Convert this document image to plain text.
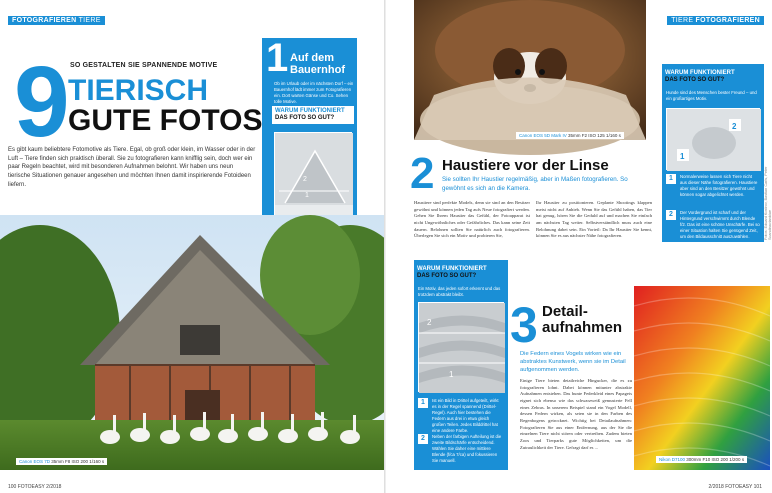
FOTOGRAFIEREN TIERE
9 SO GESTALTEN SIE SPANNENDE MOTIVE
TIERISCH
GUTE FOTOS
Es gibt kaum beliebtere Fotomotive als Tiere. Egal, ob groß oder klein, im Wasser oder in der Luft – Tiere finden sich praktisch überall. Sie zu fotografieren kann knifflig sein, doch wer ein paar Regeln beachtet, wird mit besonderen Aufnahmen belohnt. Wir haben uns neun tierische Situationen genauer angesehen und möchten Ihnen damit inspirierende Fotoideen liefern.
1 Auf dem
Bauernhof
Ob im Urlaub oder im nächsten Dorf – ein Bauernhof lädt immer zum Fotografieren ein. Dort warten Gänse und Co. Sehen tolle Motive.
WARUM FUNKTIONIERT
DAS FOTO SO GUT?
2
1
Canon EOS 7D 35mm F8 ISO 200 1/160 s
100 FOTOEASY 2/2018
TIERE FOTOGRAFIEREN
Canon EOS 5D Mark IV 35mm F2 ISO 125 1/160 s
WARUM FUNKTIONIERT
DAS FOTO SO GUT?
Hunde sind des Menschen bester Freund – und ein großartiges Motiv.
1
2
1	Normalerweise lassen sich Tiere nicht aus dieser Nähe fotografieren. Haustiere aber sind an den Besitzer gewöhnt und können sogar abgelichtet werden.
2	Der Vordergrund ist scharf und der Hintergrund verschwimmt durch Blende f/2. Das ist eine schöne Unschärfe. Bei so einer Situation halten Sie genügend Zeit, um den Bildausschnitt auszuwählen.	Fotos: Eduard Kostrov, Bastian Carls, Peter Scandinavianblue
2 Haustiere vor der Linse
Sie sollten Ihr Haustier regelmäßig, aber in Maßen fotografieren. So gewöhnt es sich an die Kamera.
Haustiere sind perfekte Models, denn sie sind an den Besitzer gewöhnt und können jeden Tag aufs Neue fotografiert werden. Gehen Sie Ihrem Haustier das Gefühl, der Fotoapparat ist nicht Ungewöhnliches oder Gefährliches. Das kann seine Zeit dauern. Belohnen sollten Sie natürlich auch fotografieren. Überlegen Sie sich ein Motiv und probieren Sie,
Ihr Haustier zu positionieren. Geplante Shootings klappen meist nicht auf Anhieb. Wenn Sie das Gefühl haben, das Tier hat genug, hören Sie die Geduld auf und machen Sie einfach am nächsten Tag weiter. Selbstverständlich muss auch eine Belohnung dabei sein. Ein Vorteil: Da Ihr Haustier Sie kennt, können Sie es aus nächster Nähe fotografieren.
WARUM FUNKTIONIERT
DAS FOTO SO GUT?
Ein Motiv, das jeden sofort erkennt und das trotzdem abstrakt bleibt.
2
1
1	Ist ein Bild in Drittel aufgeteilt, wirkt es in der Regel spannend (Drittel-Regel). Auch hier bestehen die Federn aus drei in etwa gleich großen Teilen. Jedes Bilddrittel hat eine andere Farbe.
2	Neben der farbigen Aufteilung ist die zweite Bildschärfe entscheidend. Wählen Sie daher eine mittlere Blende (f/ca 7/ca) und fokussieren Sie manuell.
3 Detail-
aufnahmen
Die Federn eines Vogels wirken wie ein abstraktes Kunstwerk, wenn sie im Detail aufgenommen werden.
Einige Tiere bieten detailreiche Hingucker, die es zu fotografieren lohnt. Dabei können mitunter abstrakte Aufnahmen entstehen. Das bunte Federkleid eines Papageis eignet sich ebenso wie das schwarzweiß gemusterte Fell eines Zebras. In unserem Beispiel stand ein Vogel Modell, dessen Federn wirken, als seien sie in den Farben des Regenbogens getrocknet. Wichtig bei Detailaufnahmen: Fotografieren Sie aus einer Entfernung, aus der Sie die einzelnen Tiere nicht stören oder vertreiben. Zudem bieten Zoos und Tierparks gute Möglichkeiten, um die Zutraulichkeit der Tiere. Gefragt darf es ...
Nikon D7100 300mm F10 ISO 200 1/200 s
2/2018 FOTOEASY 101
